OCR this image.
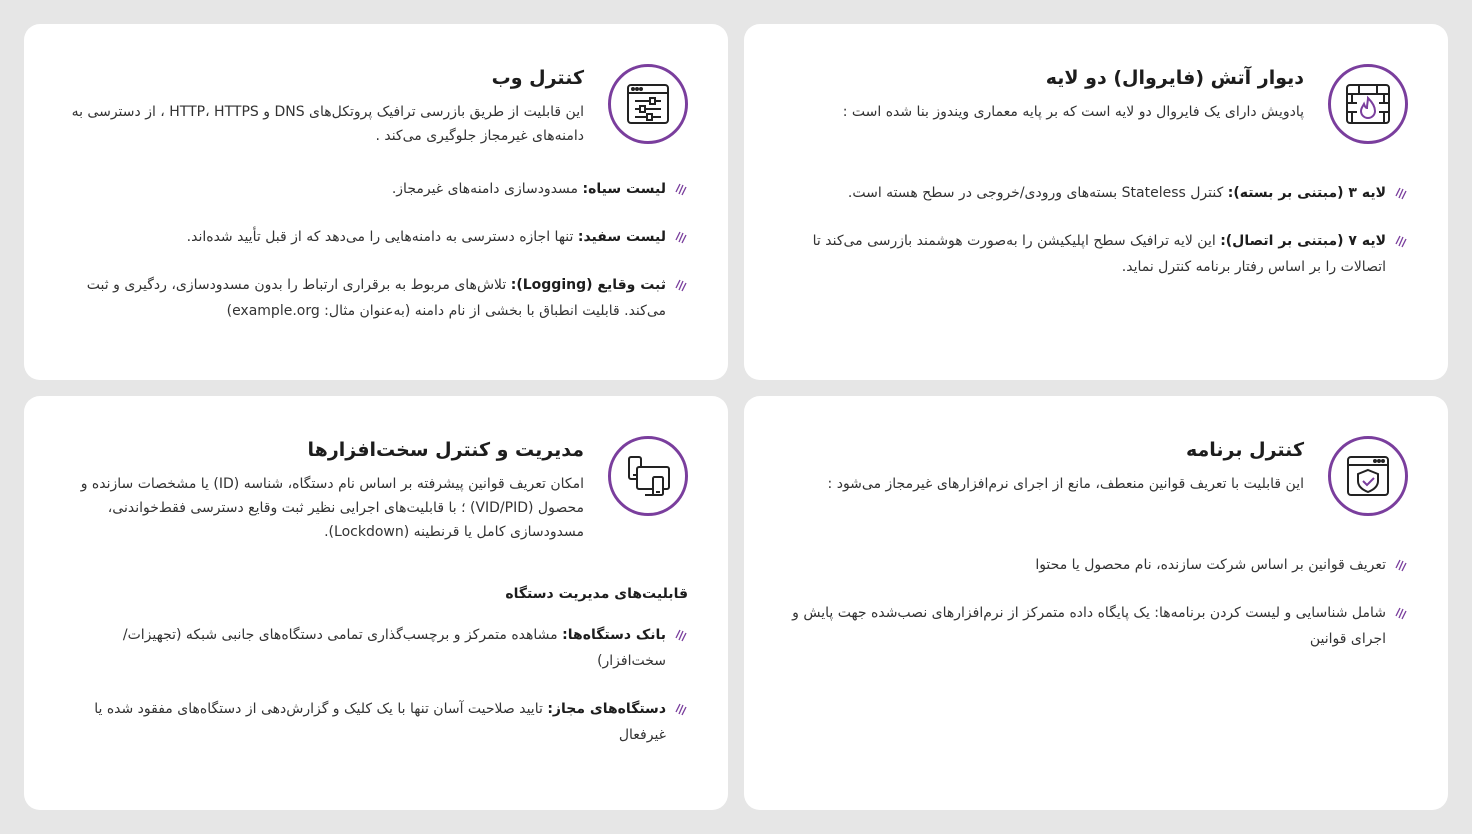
دیوار آتش (فایروال) دو لایه

پادویش دارای یک فایروال دو لایه است که بر پایه معماری ویندوز بنا شده است :

لایه ۳ (مبتنی بر بسته): کنترل Stateless بسته‌های ورودی/خروجی در سطح هسته است.
لایه ۷ (مبتنی بر اتصال): این لایه ترافیک سطح اپلیکیشن را به‌صورت هوشمند بازرسی می‌کند تا اتصالات را بر اساس رفتار برنامه کنترل نماید.
کنترل وب

این قابلیت از طریق بازرسی ترافیک پروتکل‌های DNS و HTTP، HTTPS ، از دسترسی به دامنه‌های غیرمجاز جلوگیری می‌کند .

لیست سیاه: مسدودسازی دامنه‌های غیرمجاز.
لیست سفید: تنها اجازه دسترسی به دامنه‌هایی را می‌دهد که از قبل تأیید شده‌اند.
ثبت وقایع (Logging): تلاش‌های مربوط به برقراری ارتباط را بدون مسدودسازی، ردگیری و ثبت می‌کند. قابلیت انطباق با بخشی از نام دامنه (به‌عنوان مثال: example.org)
کنترل برنامه

این قابلیت با تعریف قوانین منعطف، مانع از اجرای نرم‌افزارهای غیرمجاز می‌شود :

تعریف قوانین بر اساس شرکت سازنده، نام محصول یا محتوا
شامل شناسایی و لیست کردن برنامه‌ها: یک پایگاه داده متمرکز از نرم‌افزارهای نصب‌شده جهت پایش و اجرای قوانین
مدیریت و کنترل سخت‌افزارها

امکان تعریف قوانین پیشرفته بر اساس نام دستگاه، شناسه (ID) یا مشخصات سازنده و محصول (VID/PID) ؛ با قابلیت‌های اجرایی نظیر ثبت وقایع دسترسی فقط‌خواندنی، مسدودسازی کامل یا قرنطینه (Lockdown).

قابلیت‌های مدیریت دستگاه
بانک دستگاه‌ها: مشاهده متمرکز و برچسب‌گذاری تمامی دستگاه‌های جانبی شبکه (تجهیزات/ سخت‌افزار)
دستگاه‌های مجاز: تایید صلاحیت آسان تنها با یک کلیک و گزارش‌دهی از دستگاه‌های مفقود شده یا غیرفعال
